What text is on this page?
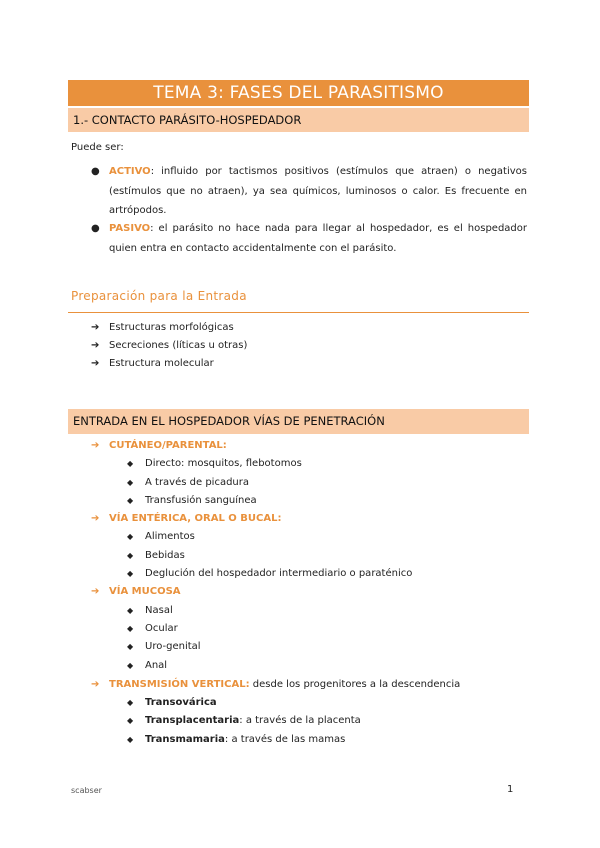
TEMA 3: FASES DEL PARASITISMO
1.- CONTACTO PARÁSITO-HOSPEDADOR
Puede ser:
● ACTIVO: influido por tactismos positivos (estímulos que atraen) o negativos (estímulos que no atraen), ya sea químicos, luminosos o calor. Es frecuente en artrópodos.
● PASIVO: el parásito no hace nada para llegar al hospedador, es el hospedador quien entra en contacto accidentalmente con el parásito.
Preparación para la Entrada
➔ Estructuras morfológicas
➔ Secreciones (líticas u otras)
➔ Estructura molecular
ENTRADA EN EL HOSPEDADOR VÍAS DE PENETRACIÓN
➔ CUTÁNEO/PARENTAL:
◆ Directo: mosquitos, flebotomos
◆ A través de picadura
◆ Transfusión sanguínea
➔ VÍA ENTÉRICA, ORAL O BUCAL:
◆ Alimentos
◆ Bebidas
◆ Deglución del hospedador intermediario o paraténico
➔ VÍA MUCOSA
◆ Nasal
◆ Ocular
◆ Uro-genital
◆ Anal
➔ TRANSMISIÓN VERTICAL: desde los progenitores a la descendencia
◆ Transovárica
◆ Transplacentaria: a través de la placenta
◆ Transmamaria: a través de las mamas
scabser	1
